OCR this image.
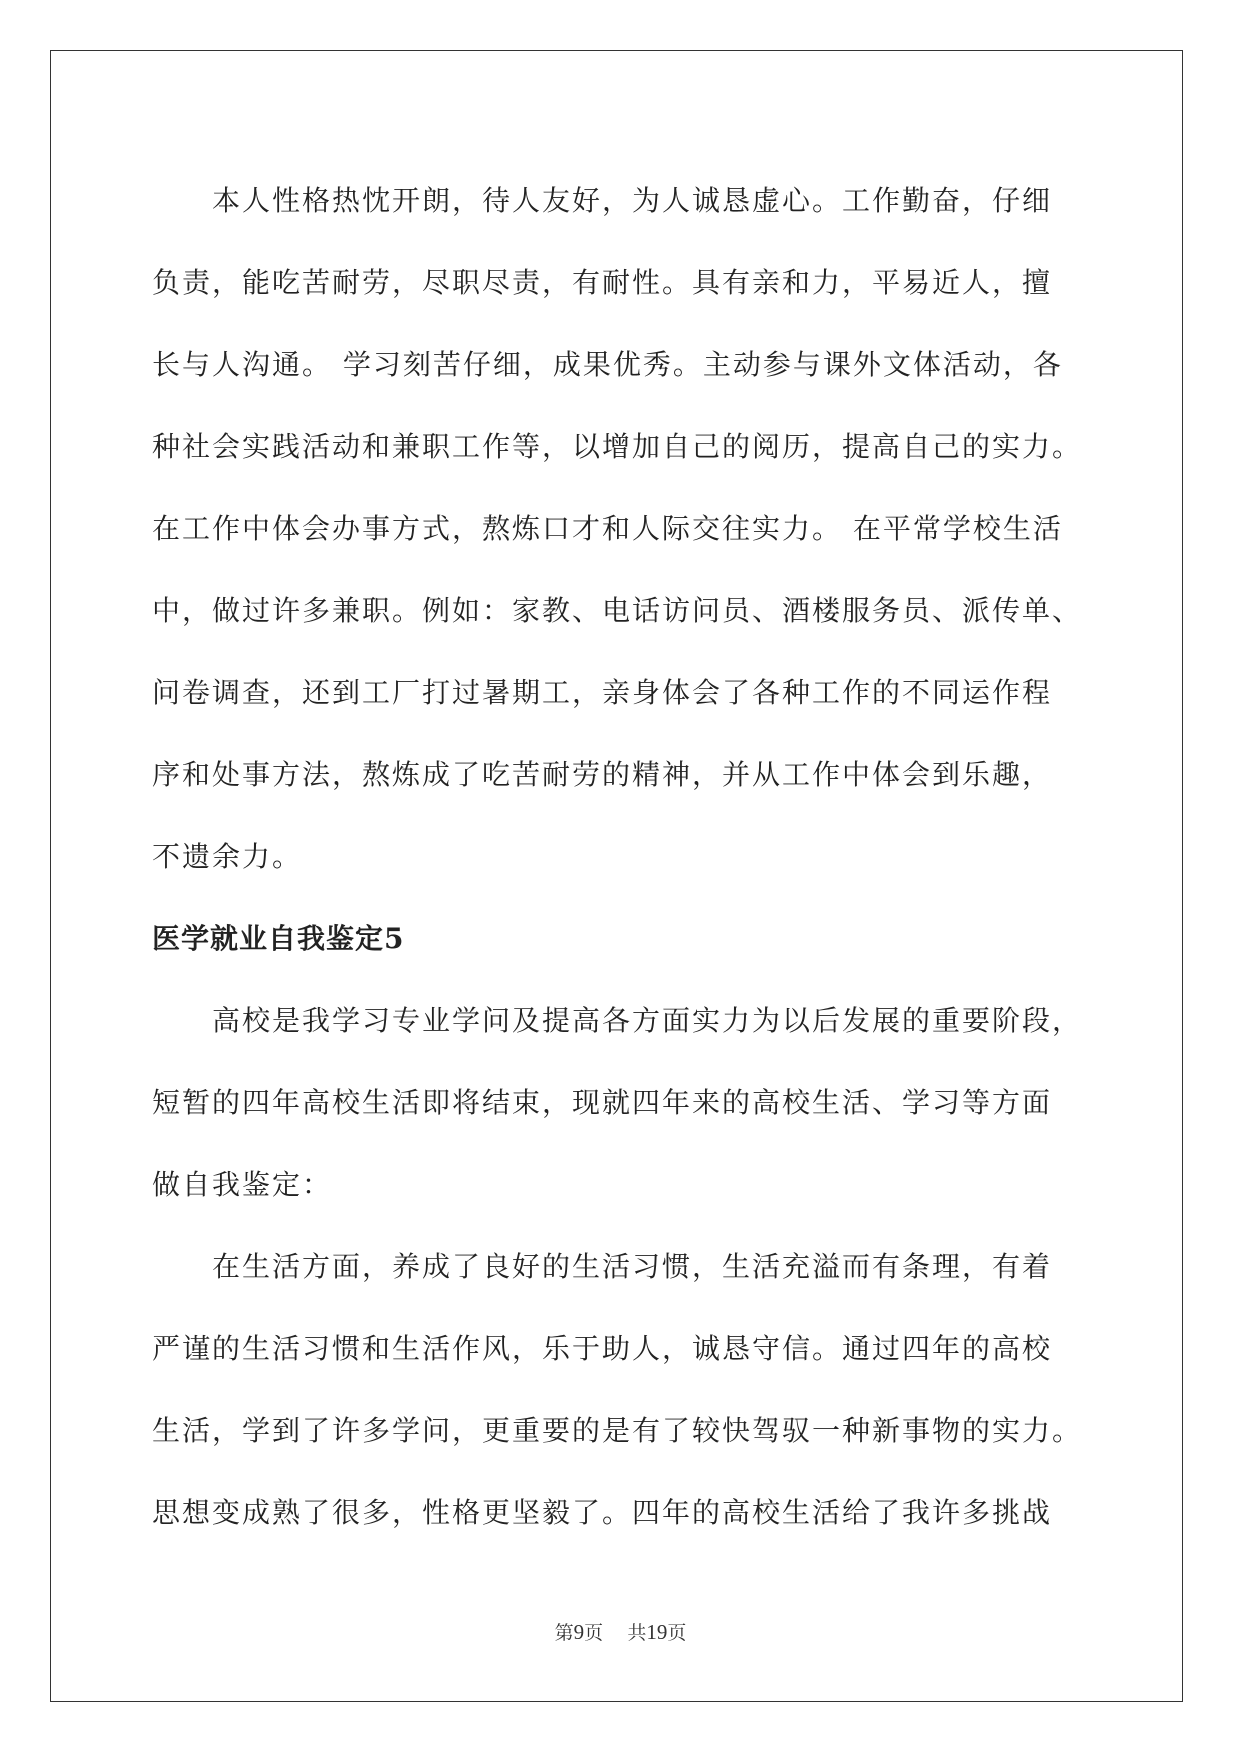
　　本人性格热忱开朗，待人友好，为人诚恳虚心。工作勤奋，仔细
负责，能吃苦耐劳，尽职尽责，有耐性。具有亲和力，平易近人，擅
长与人沟通。 学习刻苦仔细，成果优秀。主动参与课外文体活动，各
种社会实践活动和兼职工作等，以增加自己的阅历，提高自己的实力。
在工作中体会办事方式，熬炼口才和人际交往实力。 在平常学校生活
中，做过许多兼职。例如：家教、电话访问员、酒楼服务员、派传单、
问卷调查，还到工厂打过暑期工，亲身体会了各种工作的不同运作程
序和处事方法，熬炼成了吃苦耐劳的精神，并从工作中体会到乐趣，
不遗余力。
医学就业自我鉴定5
　　高校是我学习专业学问及提高各方面实力为以后发展的重要阶段，
短暂的四年高校生活即将结束，现就四年来的高校生活、学习等方面
做自我鉴定：
　　在生活方面，养成了良好的生活习惯，生活充溢而有条理，有着
严谨的生活习惯和生活作风，乐于助人，诚恳守信。通过四年的高校
生活，学到了许多学问，更重要的是有了较快驾驭一种新事物的实力。
思想变成熟了很多，性格更坚毅了。四年的高校生活给了我许多挑战
第9页 共19页
